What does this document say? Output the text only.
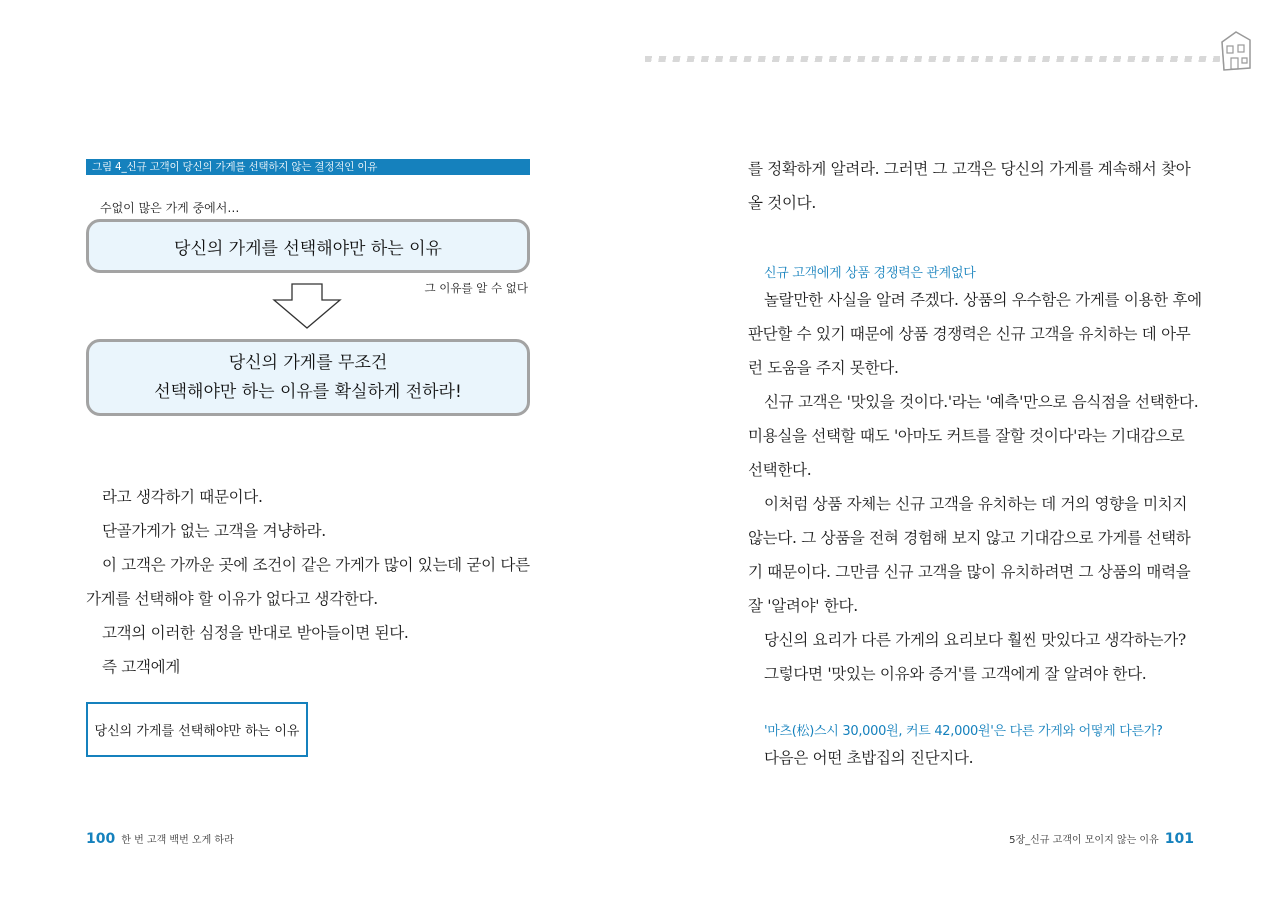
그림 4_신규 고객이 당신의 가게를 선택하지 않는 결정적인 이유
수없이 많은 가게 중에서…
당신의 가게를 선택해야만 하는 이유
그 이유를 알 수 없다
당신의 가게를 무조건
선택해야만 하는 이유를 확실하게 전하라!
라고 생각하기 때문이다.
단골가게가 없는 고객을 겨냥하라.
이 고객은 가까운 곳에 조건이 같은 가게가 많이 있는데 굳이 다른
가게를 선택해야 할 이유가 없다고 생각한다.
고객의 이러한 심정을 반대로 받아들이면 된다.
즉 고객에게
당신의 가게를 선택해야만 하는 이유
를 정확하게 알려라. 그러면 그 고객은 당신의 가게를 계속해서 찾아
올 것이다.
신규 고객에게 상품 경쟁력은 관계없다
놀랄만한 사실을 알려 주겠다. 상품의 우수함은 가게를 이용한 후에
판단할 수 있기 때문에 상품 경쟁력은 신규 고객을 유치하는 데 아무
런 도움을 주지 못한다.
신규 고객은 '맛있을 것이다.'라는 '예측'만으로 음식점을 선택한다.
미용실을 선택할 때도 '아마도 커트를 잘할 것이다'라는 기대감으로
선택한다.
이처럼 상품 자체는 신규 고객을 유치하는 데 거의 영향을 미치지
않는다. 그 상품을 전혀 경험해 보지 않고 기대감으로 가게를 선택하
기 때문이다. 그만큼 신규 고객을 많이 유치하려면 그 상품의 매력을
잘 '알려야' 한다.
당신의 요리가 다른 가게의 요리보다 훨씬 맛있다고 생각하는가?
그렇다면 '맛있는 이유와 증거'를 고객에게 잘 알려야 한다.
'마츠(松)스시 30,000원, 커트 42,000원'은 다른 가게와 어떻게 다른가?
다음은 어떤 초밥집의 진단지다.
100 한 번 고객 백번 오게 하라	5장_신규 고객이 모이지 않는 이유 101
